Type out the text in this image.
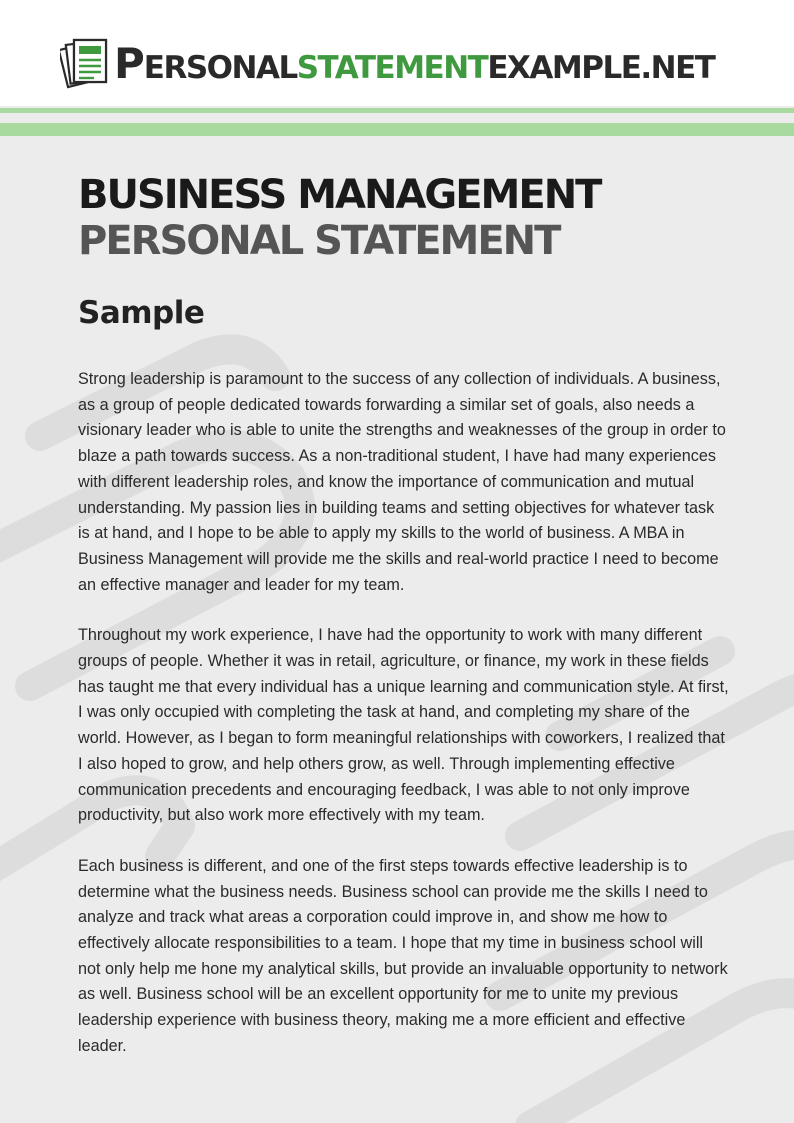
PERSONALSTATEMENTEXAMPLE.NET
BUSINESS MANAGEMENT
PERSONAL STATEMENT
Sample

Strong leadership is paramount to the success of any collection of individuals. A business, as a group of people dedicated towards forwarding a similar set of goals, also needs a visionary leader who is able to unite the strengths and weaknesses of the group in order to blaze a path towards success. As a non-traditional student, I have had many experiences with different leadership roles, and know the importance of communication and mutual understanding. My passion lies in building teams and setting objectives for whatever task is at hand, and I hope to be able to apply my skills to the world of business. A MBA in Business Management will provide me the skills and real-world practice I need to become an effective manager and leader for my team.

Throughout my work experience, I have had the opportunity to work with many different groups of people. Whether it was in retail, agriculture, or finance, my work in these fields has taught me that every individual has a unique learning and communication style. At first, I was only occupied with completing the task at hand, and completing my share of the world. However, as I began to form meaningful relationships with coworkers, I realized that I also hoped to grow, and help others grow, as well. Through implementing effective communication precedents and encouraging feedback, I was able to not only improve productivity, but also work more effectively with my team.

Each business is different, and one of the first steps towards effective leadership is to determine what the business needs. Business school can provide me the skills I need to analyze and track what areas a corporation could improve in, and show me how to effectively allocate responsibilities to a team. I hope that my time in business school will not only help me hone my analytical skills, but provide an invaluable opportunity to network as well. Business school will be an excellent opportunity for me to unite my previous leadership experience with business theory, making me a more efficient and effective leader.
